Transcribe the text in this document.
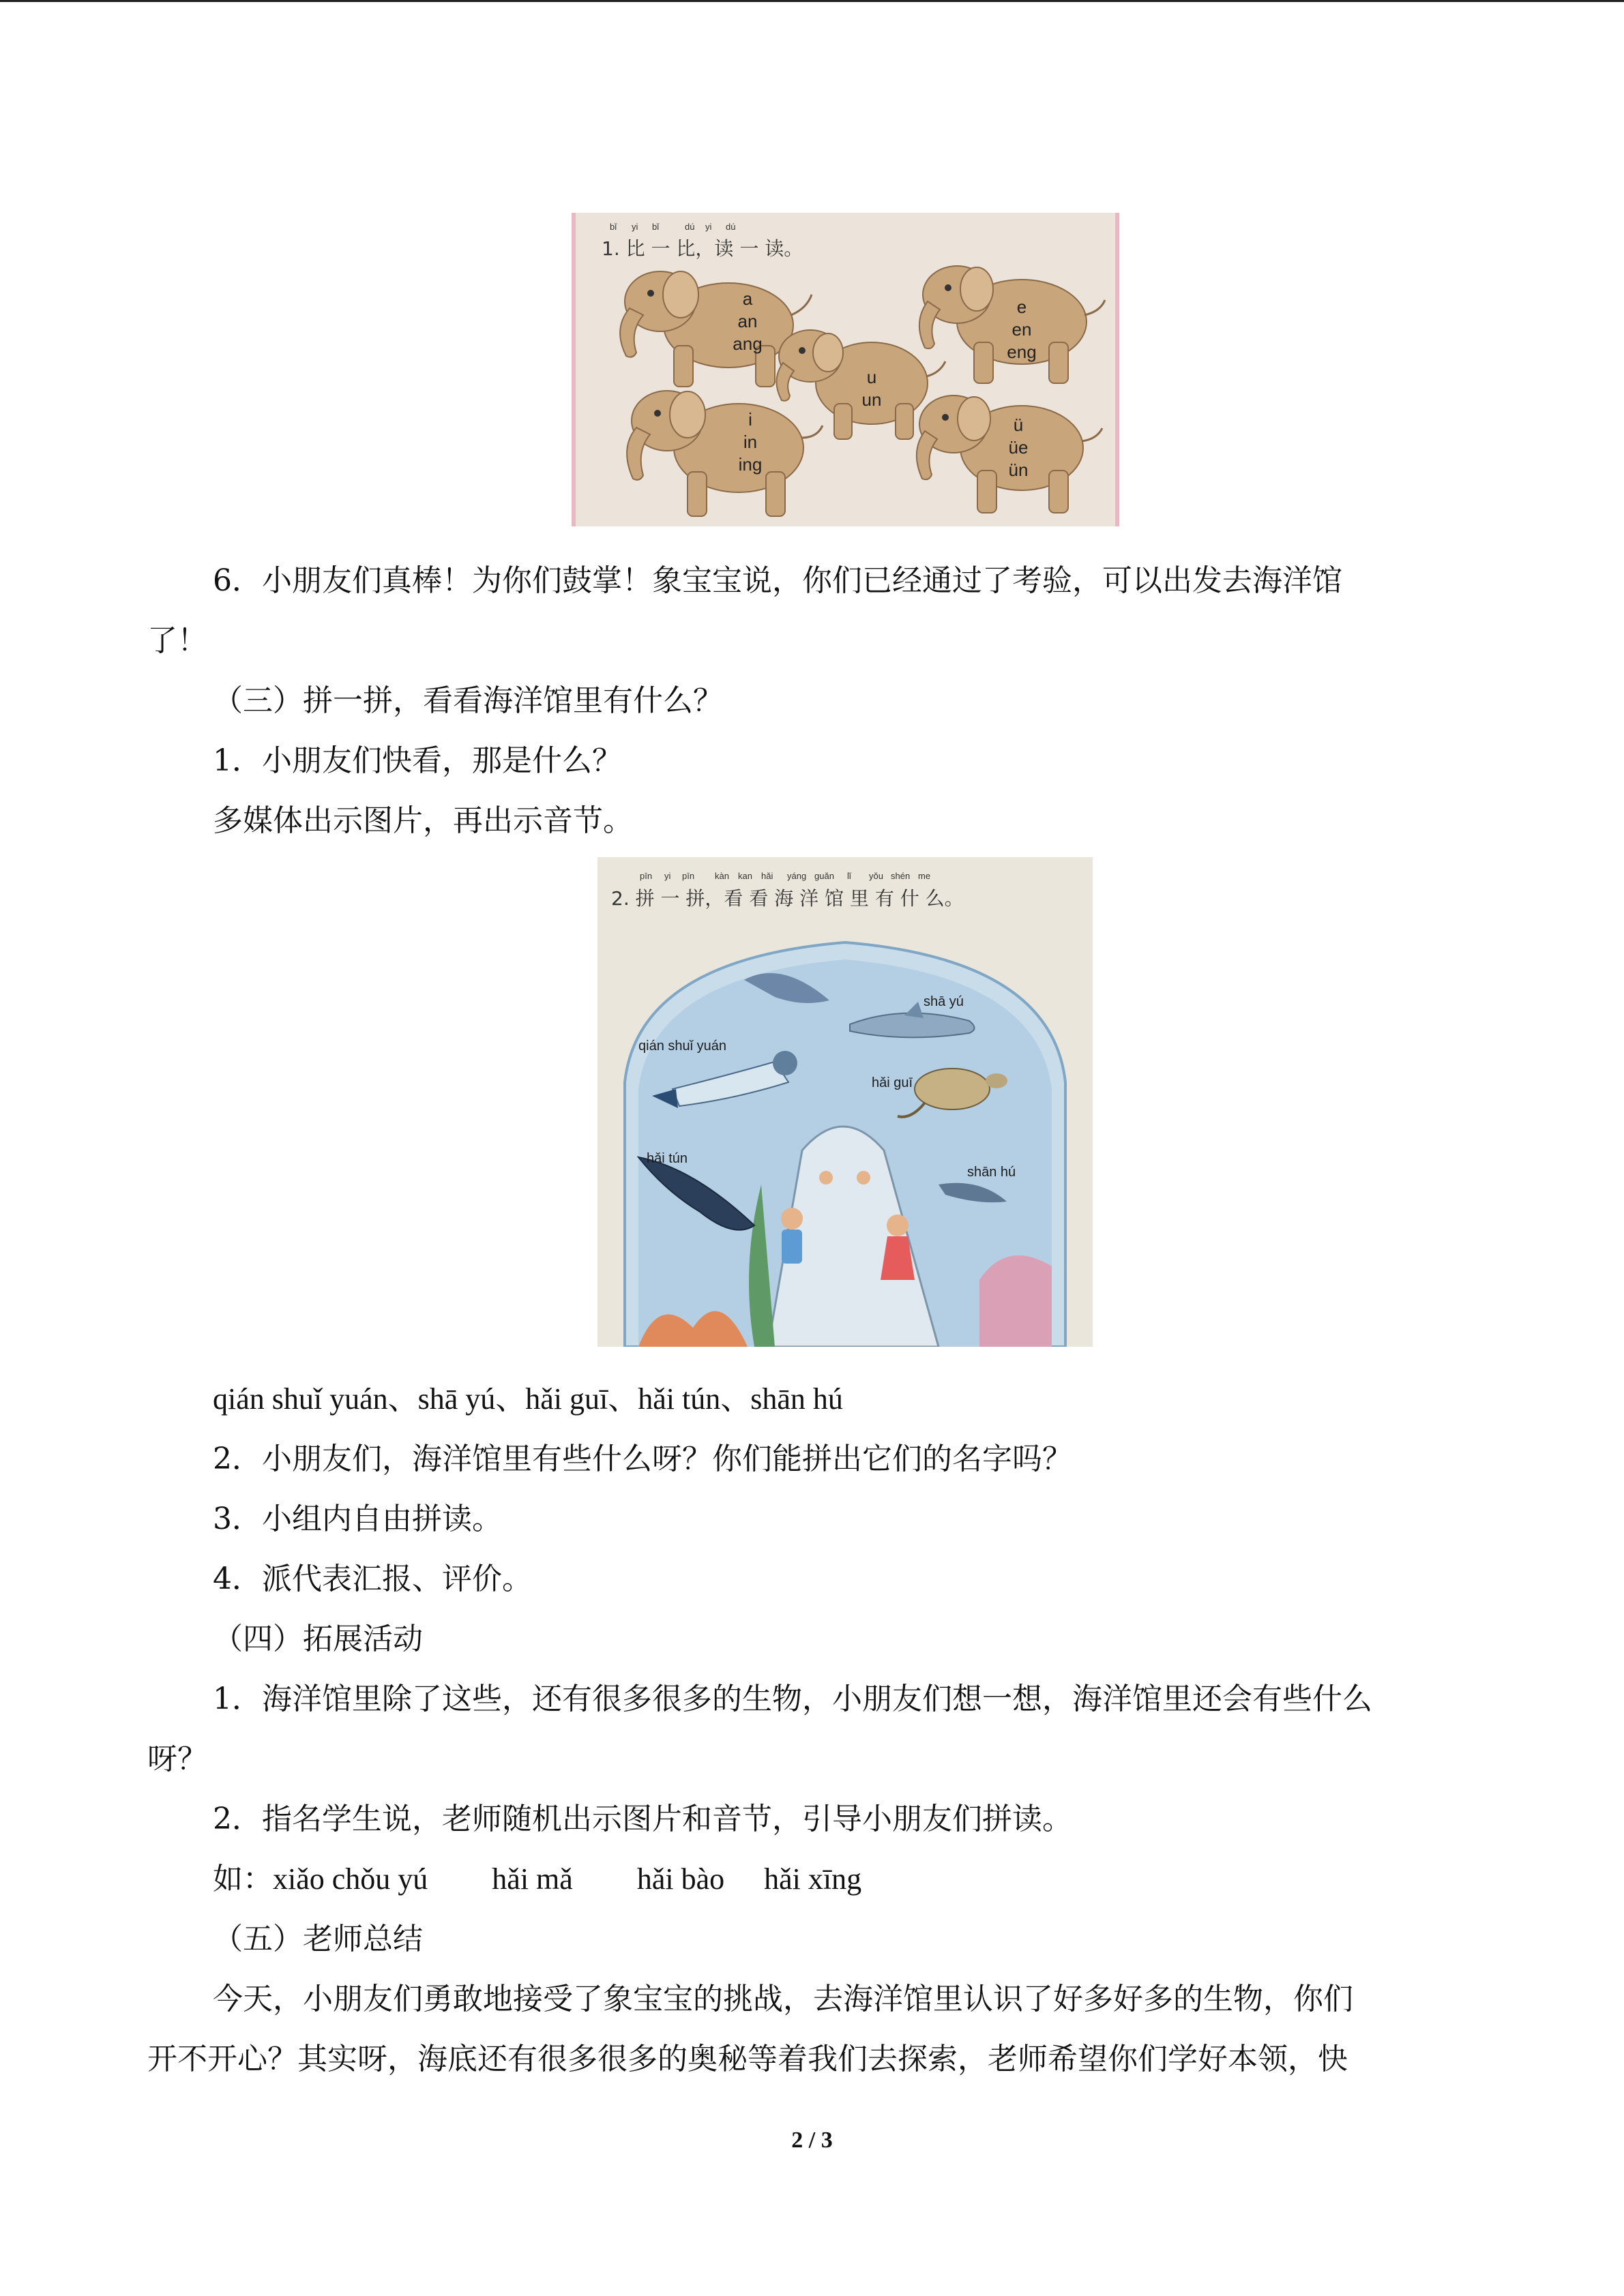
bǐ yi bǐ	dú yi dú
1. 比 一 比，读 一 读。
a
an
ang
e
en
eng
u
un
i
in
ing
ü
üe
ün
6．小朋友们真棒！为你们鼓掌！象宝宝说，你们已经通过了考验，可以出发去海洋馆
了！
（三）拼一拼，看看海洋馆里有什么？
1．小朋友们快看，那是什么？
多媒体出示图片，再出示音节。
pīn yi pīn kàn kan hǎi yáng guǎn lǐ yǒu shén me
2. 拼 一 拼，看 看 海 洋 馆 里 有 什 么。
shā yú
qián shuǐ yuán
hǎi guī
hǎi tún
shān hú
qián shuǐ yuán、shā yú、hǎi guī、hǎi tún、shān hú
2．小朋友们，海洋馆里有些什么呀？你们能拼出它们的名字吗？
3．小组内自由拼读。
4．派代表汇报、评价。
（四）拓展活动
1．海洋馆里除了这些，还有很多很多的生物，小朋友们想一想，海洋馆里还会有些什么
呀？
2．指名学生说，老师随机出示图片和音节，引导小朋友们拼读。
如：xiǎo chǒu yú hǎi mǎ hǎi bào hǎi xīng
（五）老师总结
今天，小朋友们勇敢地接受了象宝宝的挑战，去海洋馆里认识了好多好多的生物，你们
开不开心？其实呀，海底还有很多很多的奥秘等着我们去探索，老师希望你们学好本领，快
2 / 3
